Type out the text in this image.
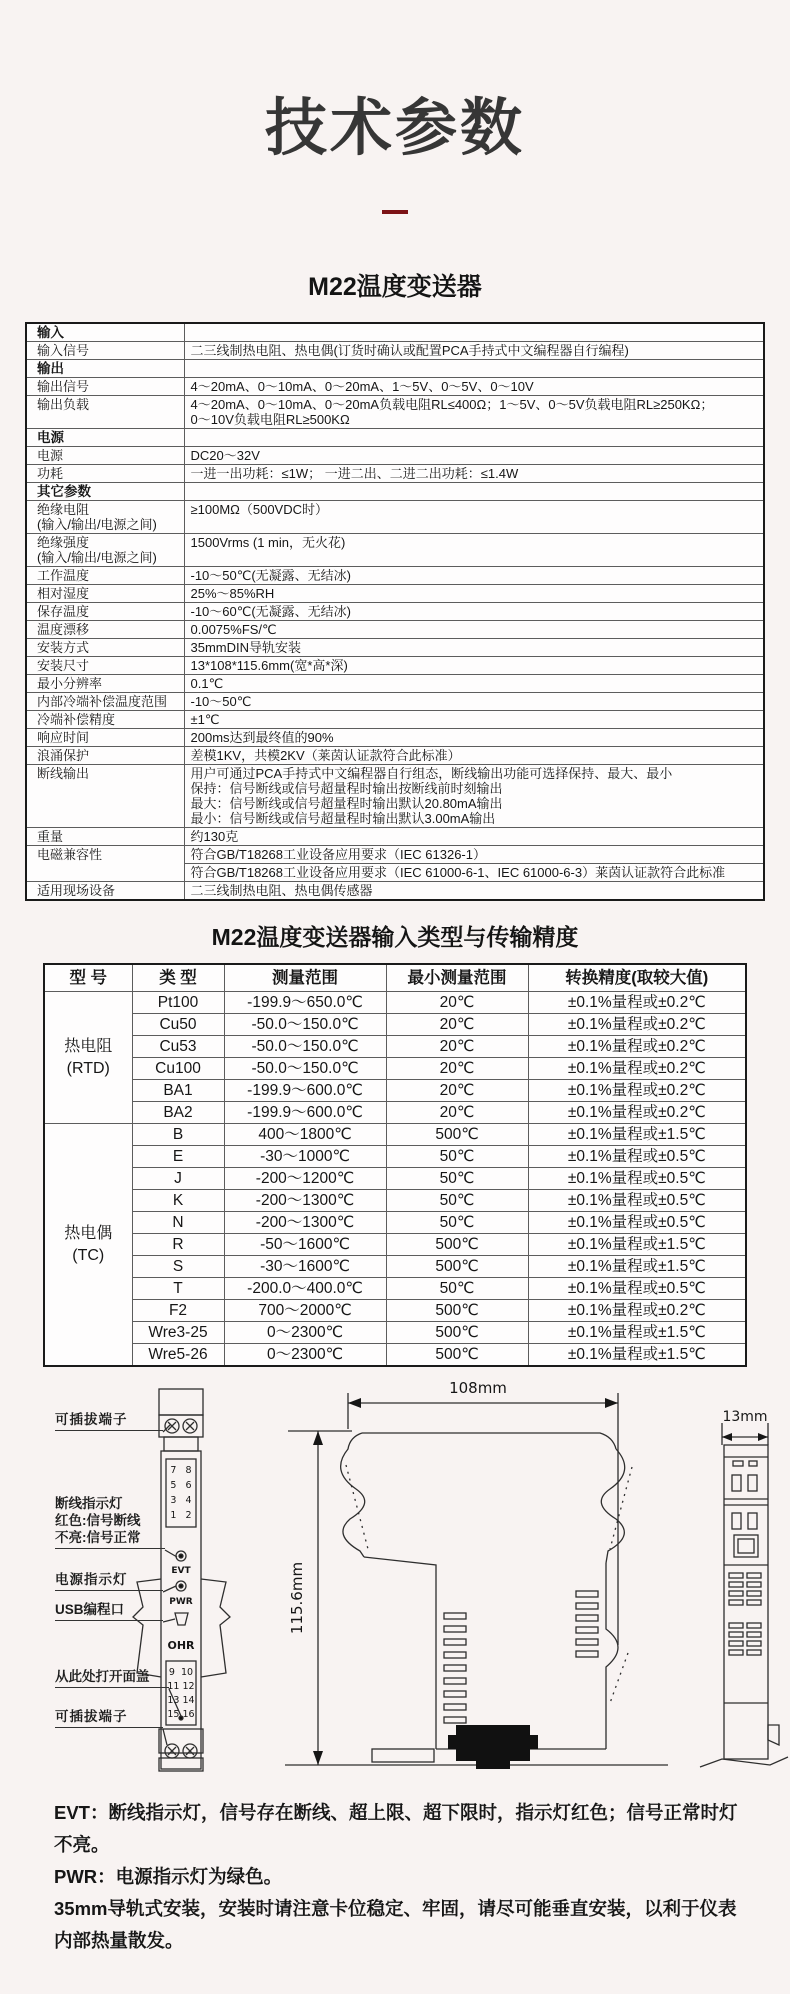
技术参数
M22温度变送器
输入	
输入信号	二三线制热电阻、热电偶(订货时确认或配置PCA手持式中文编程器自行编程)
输出	
输出信号	4～20mA、0～10mA、0～20mA、1～5V、0～5V、0～10V
输出负载	4～20mA、0～10mA、0～20mA负载电阻RL≤400Ω；1～5V、0～5V负载电阻RL≥250KΩ；
0～10V负载电阻RL≥500KΩ
电源	
电源	DC20～32V
功耗	一进一出功耗：≤1W； 一进二出、二进二出功耗：≤1.4W
其它参数	
绝缘电阻
(输入/输出/电源之间)	≥100MΩ（500VDC时）
绝缘强度
(输入/输出/电源之间)	1500Vrms (1 min，无火花)
工作温度	-10～50℃(无凝露、无结冰)
相对湿度	25%～85%RH
保存温度	-10～60℃(无凝露、无结冰)
温度漂移	0.0075%FS/℃
安装方式	35mmDIN导轨安装
安装尺寸	13*108*115.6mm(宽*高*深)
最小分辨率	0.1℃
内部冷端补偿温度范围	-10～50℃
冷端补偿精度	±1℃
响应时间	200ms达到最终值的90%
浪涌保护	差模1KV，共模2KV（莱茵认证款符合此标准）
断线输出	用户可通过PCA手持式中文编程器自行组态，断线输出功能可选择保持、最大、最小
保持：信号断线或信号超量程时输出按断线前时刻输出
最大：信号断线或信号超量程时输出默认20.80mA输出
最小：信号断线或信号超量程时输出默认3.00mA输出
重量	约130克
电磁兼容性	符合GB/T18268工业设备应用要求（IEC 61326-1）
	符合GB/T18268工业设备应用要求（IEC 61000-6-1、IEC 61000-6-3）莱茵认证款符合此标准
适用现场设备	二三线制热电阻、热电偶传感器
M22温度变送器输入类型与传输精度
型 号	类 型	测量范围	最小测量范围	转换精度(取较大值)
热电阻
(RTD)	Pt100	-199.9～650.0℃	20℃	±0.1%量程或±0.2℃
	Cu50	-50.0～150.0℃	20℃	±0.1%量程或±0.2℃
	Cu53	-50.0～150.0℃	20℃	±0.1%量程或±0.2℃
	Cu100	-50.0～150.0℃	20℃	±0.1%量程或±0.2℃
	BA1	-199.9～600.0℃	20℃	±0.1%量程或±0.2℃
	BA2	-199.9～600.0℃	20℃	±0.1%量程或±0.2℃
热电偶
(TC)	B	400～1800℃	500℃	±0.1%量程或±1.5℃
	E	-30～1000℃	50℃	±0.1%量程或±0.5℃
	J	-200～1200℃	50℃	±0.1%量程或±0.5℃
	K	-200～1300℃	50℃	±0.1%量程或±0.5℃
	N	-200～1300℃	50℃	±0.1%量程或±0.5℃
	R	-50～1600℃	500℃	±0.1%量程或±1.5℃
	S	-30～1600℃	500℃	±0.1%量程或±1.5℃
	T	-200.0～400.0℃	50℃	±0.1%量程或±0.5℃
	F2	700～2000℃	500℃	±0.1%量程或±0.2℃
	Wre3-25	0～2300℃	500℃	±0.1%量程或±1.5℃
	Wre5-26	0～2300℃	500℃	±0.1%量程或±1.5℃
108mm
115.6mm
13mm
7   8
5   6
3   4
1   2
EVT
PWR
OHR
9  10
11 12
13 14
15 16
可插拔端子
断线指示灯
红色:信号断线
不亮:信号正常
电源指示灯
USB编程口
从此处打开面盖
可插拔端子

EVT：断线指示灯，信号存在断线、超上限、超下限时，指示灯红色；信号正常时灯不亮。

PWR：电源指示灯为绿色。

35mm导轨式安装，安装时请注意卡位稳定、牢固，请尽可能垂直安装，以利于仪表内部热量散发。
